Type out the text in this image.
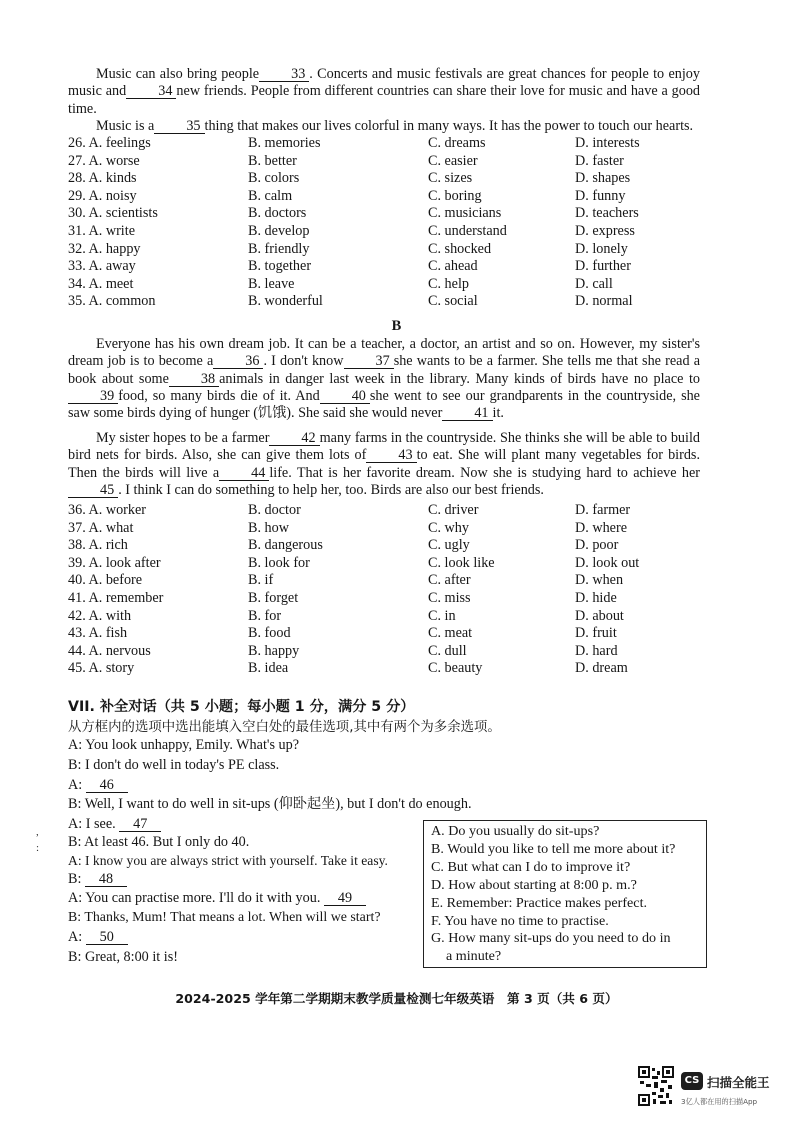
Music can also bring people 33 . Concerts and music festivals are great chances for people to enjoy music and 34 new friends. People from different countries can share their love for music and have a good time.

Music is a 35 thing that makes our lives colorful in many ways. It has the power to touch our hearts.

26. A. feelings	B. memories	C. dreams	D. interests
27. A. worse	B. better	C. easier	D. faster
28. A. kinds	B. colors	C. sizes	D. shapes
29. A. noisy	B. calm	C. boring	D. funny
30. A. scientists	B. doctors	C. musicians	D. teachers
31. A. write	B. develop	C. understand	D. express
32. A. happy	B. friendly	C. shocked	D. lonely
33. A. away	B. together	C. ahead	D. further
34. A. meet	B. leave	C. help	D. call
35. A. common	B. wonderful	C. social	D. normal
B

Everyone has his own dream job. It can be a teacher, a doctor, an artist and so on. However, my sister's dream job is to become a 36 . I don't know 37 she wants to be a farmer. She tells me that she read a book about some 38 animals in danger last week in the library. Many kinds of birds have no place to39 food, so many birds die of it. And 40 she went to see our grandparents in the countryside, she saw some birds dying of hunger (饥饿). She said she would never 41 it.

My sister hopes to be a farmer 42 many farms in the countryside. She thinks she will be able to build bird nets for birds. Also, she can give them lots of 43 to eat. She will plant many vegetables for birds. Then the birds will live a 44 life. That is her favorite dream. Now she is studying hard to achieve her45 . I think I can do something to help her, too. Birds are also our best friends.

36. A. worker	B. doctor	C. driver	D. farmer
37. A. what	B. how	C. why	D. where
38. A. rich	B. dangerous	C. ugly	D. poor
39. A. look after	B. look for	C. look like	D. look out
40. A. before	B. if	C. after	D. when
41. A. remember	B. forget	C. miss	D. hide
42. A. with	B. for	C. in	D. about
43. A. fish	B. food	C. meat	D. fruit
44. A. nervous	B. happy	C. dull	D. hard
45. A. story	B. idea	C. beauty	D. dream
VII. 补全对话（共 5 小题；每小题 1 分，满分 5 分）
从方框内的选项中选出能填入空白处的最佳选项,其中有两个为多余选项。
A: You look unhappy, Emily. What's up?
B: I don't do well in today's PE class.
A: 46
B: Well, I want to do well in sit-ups (仰卧起坐), but I don't do enough.
A: I see. 47
B: At least 46. But I only do 40.
A: I know you are always strict with yourself. Take it easy.
B: 48
A: You can practise more. I'll do it with you. 49
B: Thanks, Mum! That means a lot. When will we start?
A: 50
B: Great, 8:00 it is!
A. Do you usually do sit-ups?
B. Would you like to tell me more about it?
C. But what can I do to improve it?
D. How about starting at 8:00 p. m.?
E. Remember: Practice makes perfect.
F. You have no time to practise.
G. How many sit-ups do you need to do in
a minute?
,
:
2024-2025 学年第二学期期末教学质量检测七年级英语　第 3 页（共 6 页）
CS 扫描全能王
3亿人都在用的扫描App
